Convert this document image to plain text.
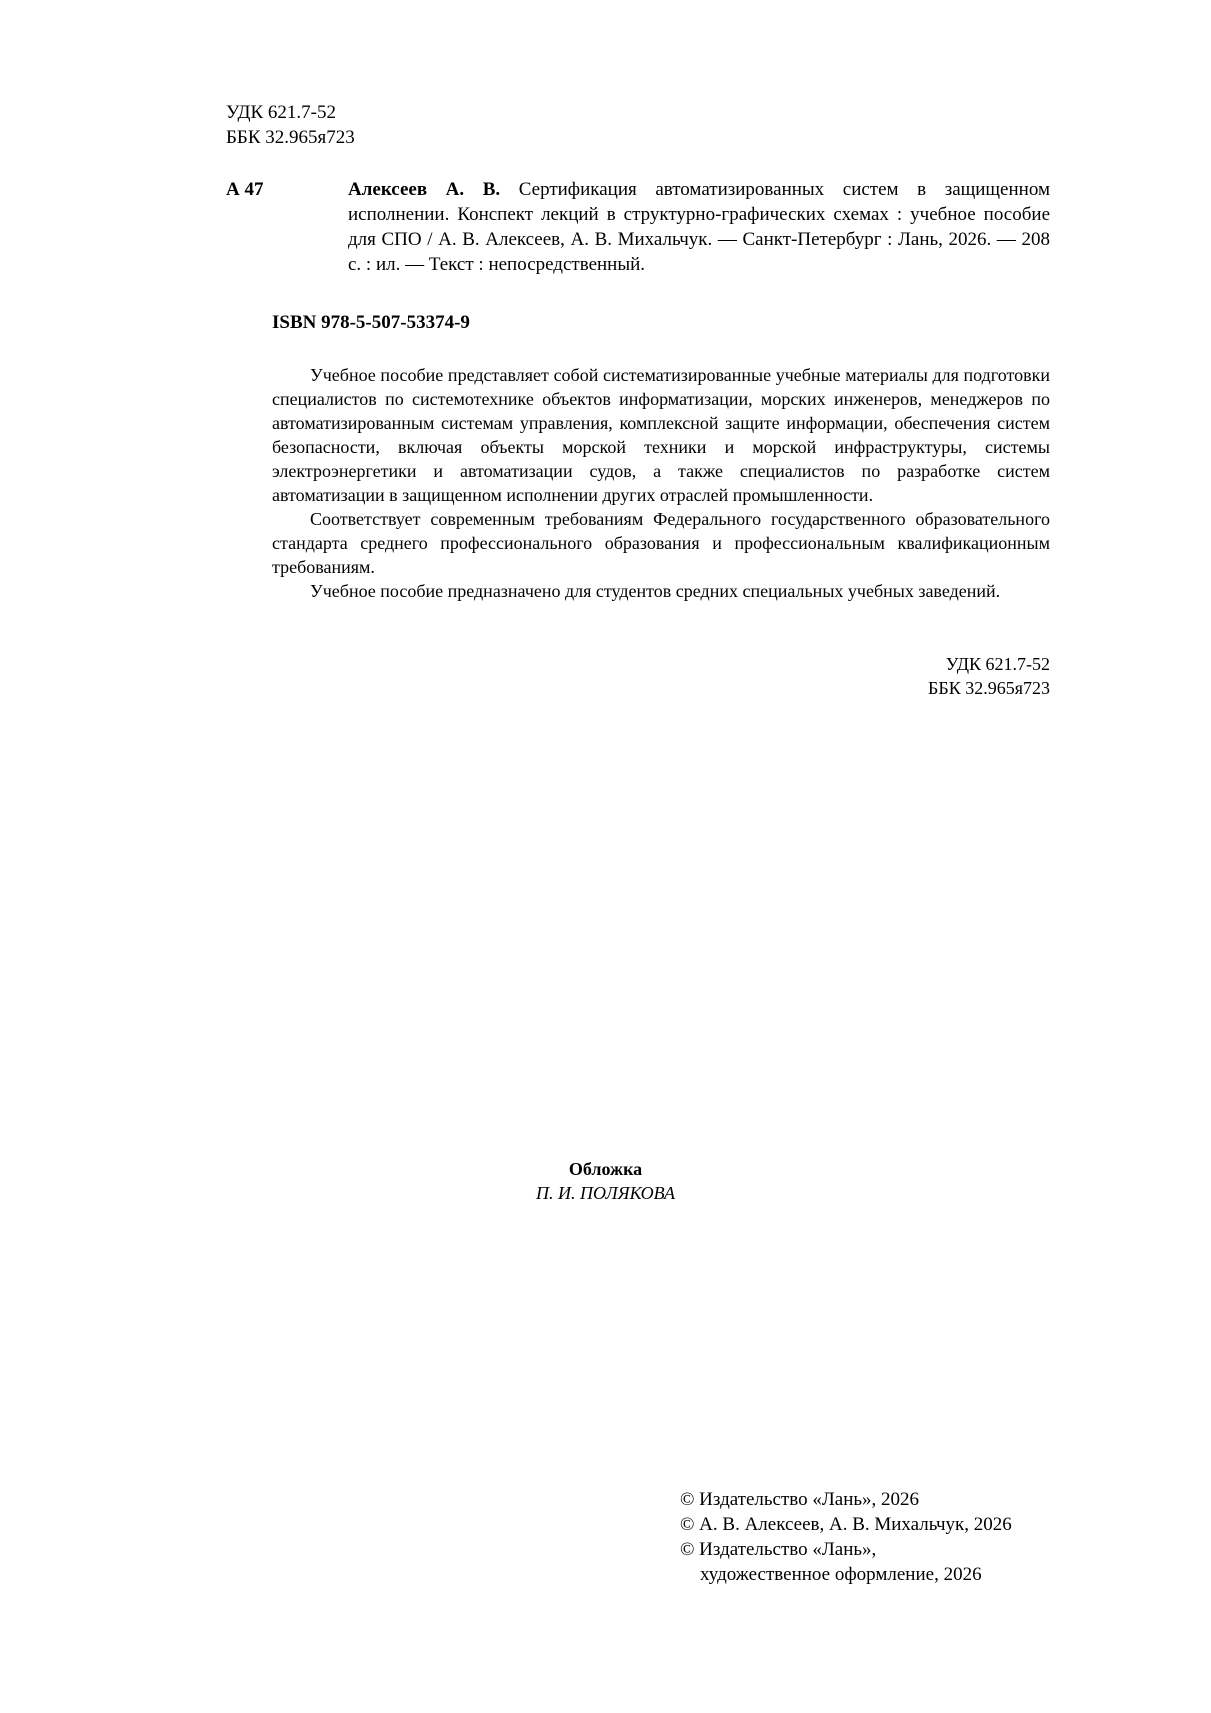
УДК 621.7-52
ББК 32.965я723
А 47	Алексеев А. В. Сертификация автоматизированных систем в защищенном исполнении. Конспект лекций в структурно-графических схемах : учебное пособие для СПО / А. В. Алексеев, А. В. Михальчук. — Санкт-Петербург : Лань, 2026. — 208 с. : ил. — Текст : непосредственный.
ISBN 978-5-507-53374-9

Учебное пособие представляет собой систематизированные учебные материалы для подготовки специалистов по системотехнике объектов информатизации, морских инженеров, менеджеров по автоматизированным системам управления, комплексной защите информации, обеспечения систем безопасности, включая объекты морской техники и морской инфраструктуры, системы электроэнергетики и автоматизации судов, а также специалистов по разработке систем автоматизации в защищенном исполнении других отраслей промышленности.

Соответствует современным требованиям Федерального государственного образовательного стандарта среднего профессионального образования и профессиональным квалификационным требованиям.

Учебное пособие предназначено для студентов средних специальных учебных заведений.

УДК 621.7-52
ББК 32.965я723
Обложка
П. И. ПОЛЯКОВА
© Издательство «Лань», 2026
© А. В. Алексеев, А. В. Михальчук, 2026
© Издательство «Лань»,
художественное оформление, 2026
